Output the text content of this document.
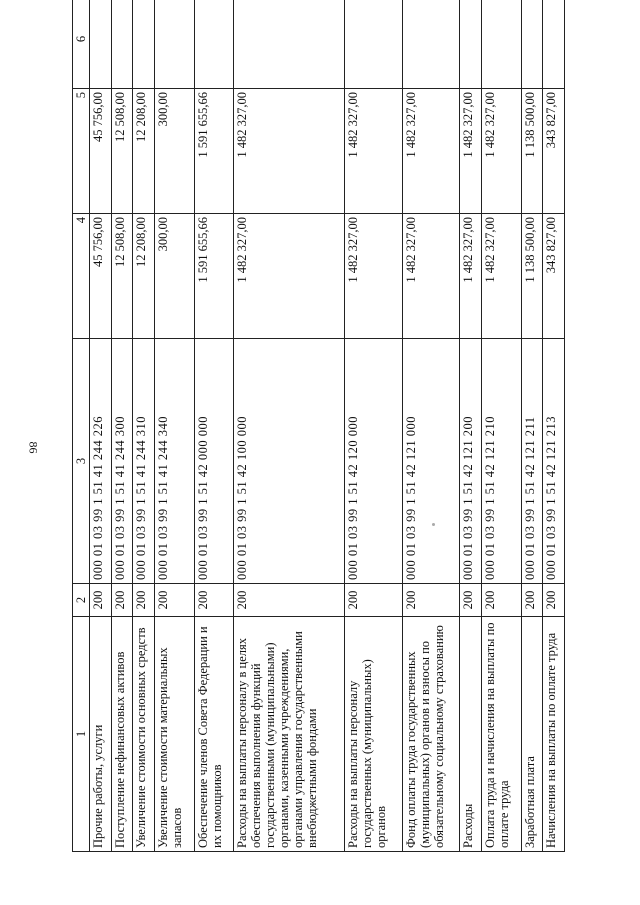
86
1	2	3	4	5	6
Прочие работы, услуги	200	000 01 03 99 1 51 41 244 226	45 756,00	45 756,00	
Поступление нефинансовых активов	200	000 01 03 99 1 51 41 244 300	12 508,00	12 508,00	
Увеличение стоимости основных средств	200	000 01 03 99 1 51 41 244 310	12 208,00	12 208,00	
Увеличение стоимости материальных запасов	200	000 01 03 99 1 51 41 244 340	300,00	300,00	
Обеспечение членов Совета Федерации и их помощников	200	000 01 03 99 1 51 42 000 000	1 591 655,66	1 591 655,66	
Расходы на выплаты персоналу в целях обеспечения выполнения функций государственными (муниципальными) органами, казенными учреждениями, органами управления государственными внебюджетными фондами	200	000 01 03 99 1 51 42 100 000	1 482 327,00	1 482 327,00	
Расходы на выплаты персоналу государственных (муниципальных) органов	200	000 01 03 99 1 51 42 120 000	1 482 327,00	1 482 327,00	
Фонд оплаты труда государственных (муниципальных) органов и взносы по обязательному социальному страхованию	200	000 01 03 99 1 51 42 121 000	1 482 327,00	1 482 327,00	
Расходы	200	000 01 03 99 1 51 42 121 200	1 482 327,00	1 482 327,00	
Оплата труда и начисления на выплаты по оплате труда	200	000 01 03 99 1 51 42 121 210	1 482 327,00	1 482 327,00	
Заработная плата	200	000 01 03 99 1 51 42 121 211	1 138 500,00	1 138 500,00	
Начисления на выплаты по оплате труда	200	000 01 03 99 1 51 42 121 213	343 827,00	343 827,00	
